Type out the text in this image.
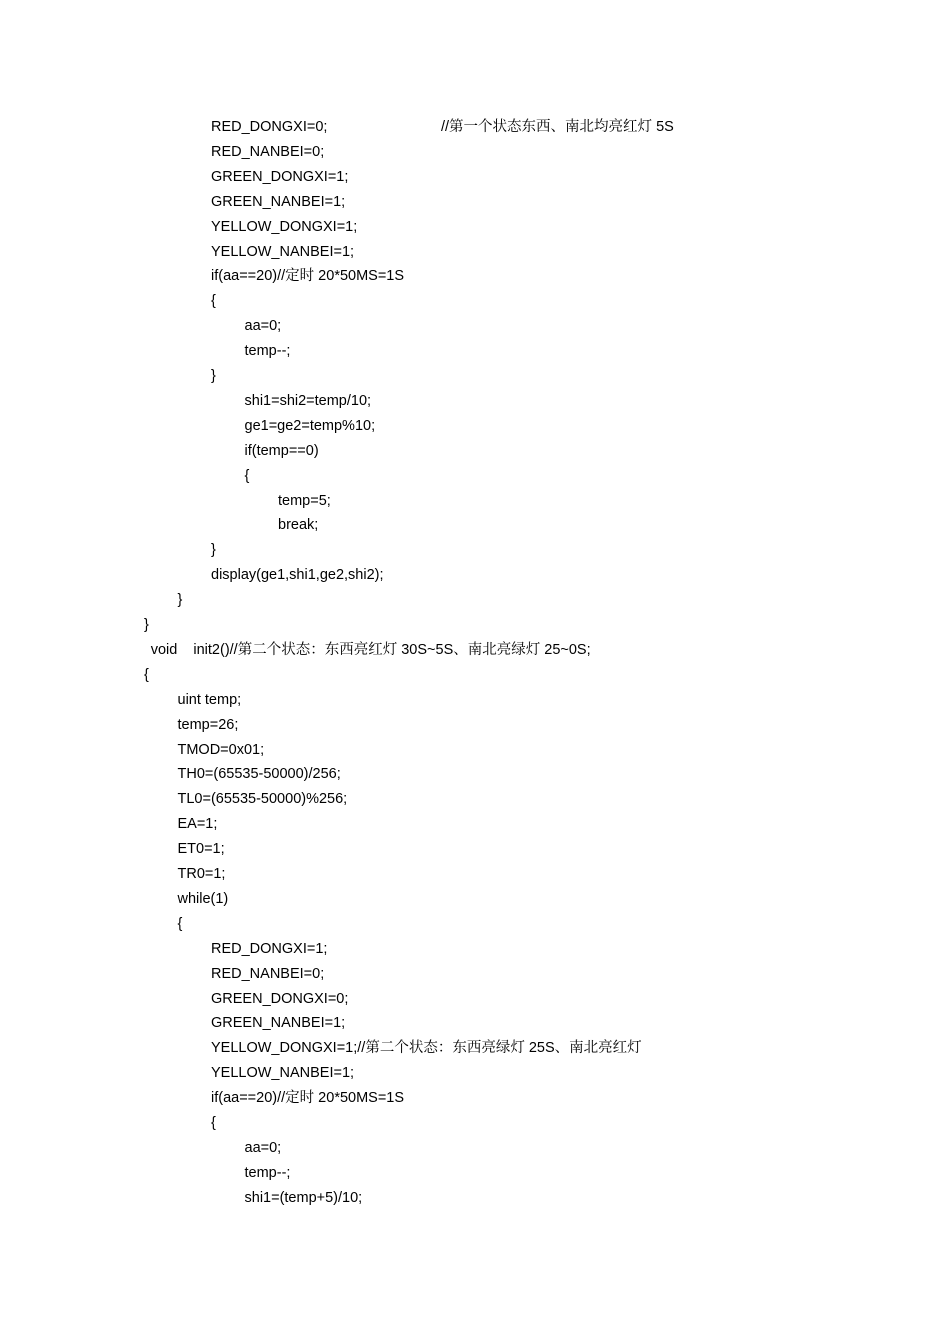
RED_DONGXI=0;	//第一个状态东西、南北均亮红灯 5S
RED_NANBEI=0;
GREEN_DONGXI=1;
GREEN_NANBEI=1;
YELLOW_DONGXI=1;
YELLOW_NANBEI=1;
if(aa==20)//定时 20*50MS=1S
{
aa=0;
temp--;
}
shi1=shi2=temp/10;
ge1=ge2=temp%10;
if(temp==0)
{
temp=5;
break;
}
display(ge1,shi1,ge2,shi2);
}
}
void    init2()//第二个状态：东西亮红灯 30S~5S、南北亮绿灯 25~0S;
{
uint temp;
temp=26;
TMOD=0x01;
TH0=(65535-50000)/256;
TL0=(65535-50000)%256;
EA=1;
ET0=1;
TR0=1;
while(1)
{
RED_DONGXI=1;
RED_NANBEI=0;
GREEN_DONGXI=0;
GREEN_NANBEI=1;
YELLOW_DONGXI=1;//第二个状态：东西亮绿灯 25S、南北亮红灯
YELLOW_NANBEI=1;
if(aa==20)//定时 20*50MS=1S
{
aa=0;
temp--;
shi1=(temp+5)/10;
